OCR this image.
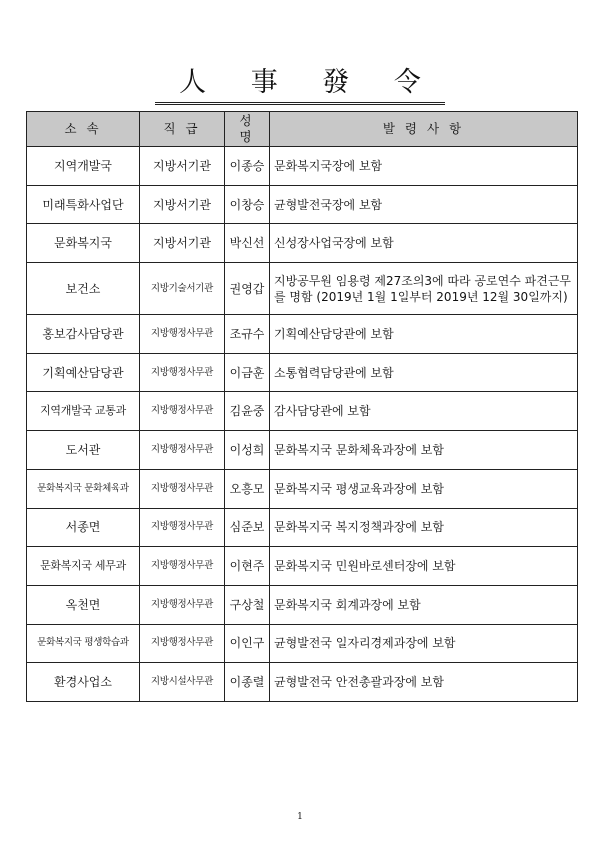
人 事 發 令
소 속	직 급	성 명	발 령 사 항
지역개발국	지방서기관	이종승	문화복지국장에 보함
미래특화사업단	지방서기관	이창승	균형발전국장에 보함
문화복지국	지방서기관	박신선	신성장사업국장에 보함
보건소	지방기술서기관	권영갑	지방공무원 임용령 제27조의3에 따라 공로연수 파견근무를 명함 (2019년 1월 1일부터 2019년 12월 30일까지)
홍보감사담당관	지방행정사무관	조규수	기획예산담당관에 보함
기획예산담당관	지방행정사무관	이금훈	소통협력담당관에 보함
지역개발국 교통과	지방행정사무관	김윤중	감사담당관에 보함
도서관	지방행정사무관	이성희	문화복지국 문화체육과장에 보함
문화복지국 문화체육과	지방행정사무관	오흥모	문화복지국 평생교육과장에 보함
서종면	지방행정사무관	심준보	문화복지국 복지정책과장에 보함
문화복지국 세무과	지방행정사무관	이현주	문화복지국 민원바로센터장에 보함
옥천면	지방행정사무관	구상철	문화복지국 회계과장에 보함
문화복지국 평생학습과	지방행정사무관	이인구	균형발전국 일자리경제과장에 보함
환경사업소	지방시설사무관	이종렬	균형발전국 안전총괄과장에 보함
1
